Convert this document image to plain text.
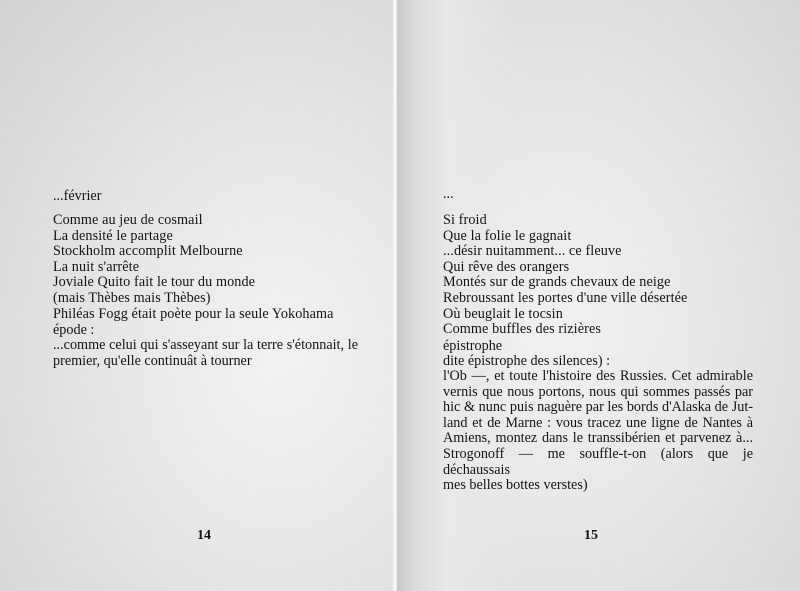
...février
Comme au jeu de cosmail
La densité le partage
Stockholm accomplit Melbourne
La nuit s'arrête
Joviale Quito fait le tour du monde
(mais Thèbes mais Thèbes)
Philéas Fogg était poète pour la seule Yokohama
épode :
...comme celui qui s'asseyant sur la terre s'étonnait, le
premier, qu'elle continuât à tourner
14
...
Si froid
Que la folie le gagnait
...désir nuitamment... ce fleuve
Qui rêve des orangers
Montés sur de grands chevaux de neige
Rebroussant les portes d'une ville désertée
Où beuglait le tocsin
Comme buffles des rizières
épistrophe
dite épistrophe des silences) :
l'Ob —, et toute l'histoire des Russies. Cet admirable
vernis que nous portons, nous qui sommes passés par
hic & nunc puis naguère par les bords d'Alaska de Jut-
land et de Marne : vous tracez une ligne de Nantes à
Amiens, montez dans le transsibérien et parvenez à...
Strogonoff — me souffle-t-on (alors que je déchaussais
mes belles bottes verstes)
15
